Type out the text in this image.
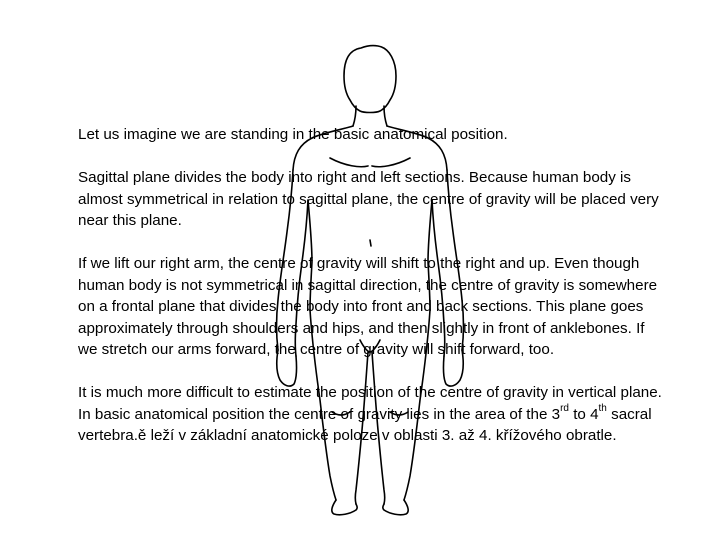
Let us imagine we are standing in the basic anatomical position.

Sagittal plane divides the body into right and left sections. Because human body is almost symmetrical in relation to sagittal plane, the centre of gravity will be placed very near this plane.

If we lift our right arm, the centre of gravity will shift to the right and up. Even though human body is not symmetrical in sagittal direction, the centre of gravity is somewhere on a frontal plane that divides the body into front and back sections. This plane goes approximately through shoulders and hips, and then slightly in front of anklebones. If we stretch our arms forward, the centre of gravity will shift forward, too.

It is much more difficult to estimate the position of the centre of gravity in vertical plane. In basic anatomical position the centre of gravity lies in the area of the 3rd to 4th sacral vertebra.ě leží v základní anatomické poloze v oblasti 3. až 4. křížového obratle.
